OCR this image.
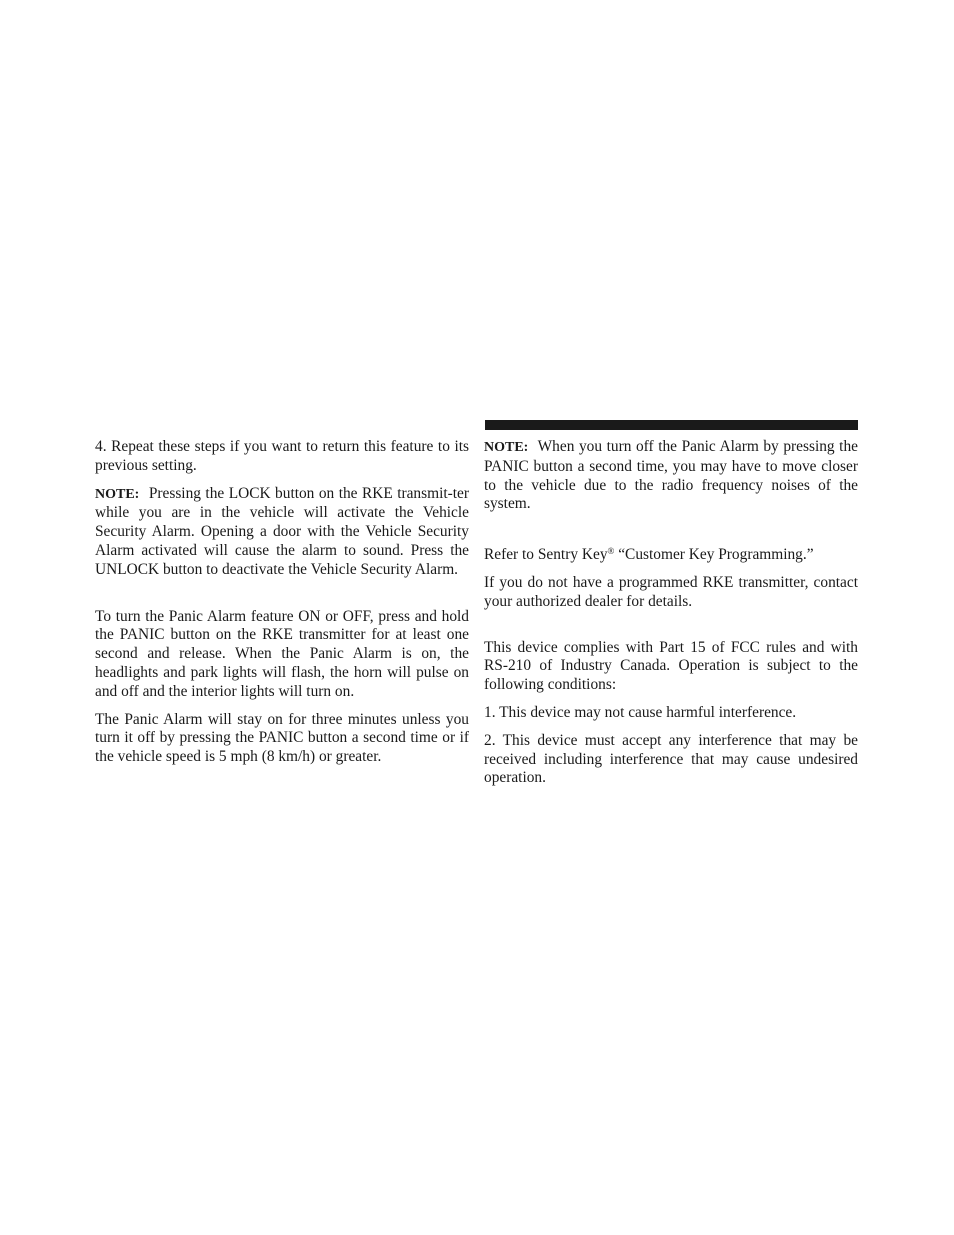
4. Repeat these steps if you want to return this feature to its previous setting.

NOTE: Pressing the LOCK button on the RKE transmit-ter while you are in the vehicle will activate the Vehicle Security Alarm. Opening a door with the Vehicle Security Alarm activated will cause the alarm to sound. Press the UNLOCK button to deactivate the Vehicle Security Alarm.

To turn the Panic Alarm feature ON or OFF, press and hold the PANIC button on the RKE transmitter for at least one second and release. When the Panic Alarm is on, the headlights and park lights will flash, the horn will pulse on and off and the interior lights will turn on.

The Panic Alarm will stay on for three minutes unless you turn it off by pressing the PANIC button a second time or if the vehicle speed is 5 mph (8 km/h) or greater.

NOTE: When you turn off the Panic Alarm by pressing the PANIC button a second time, you may have to move closer to the vehicle due to the radio frequency noises of the system.

Refer to Sentry Key® “Customer Key Programming.”

If you do not have a programmed RKE transmitter, contact your authorized dealer for details.

This device complies with Part 15 of FCC rules and with RS-210 of Industry Canada. Operation is subject to the following conditions:

1. This device may not cause harmful interference.

2. This device must accept any interference that may be received including interference that may cause undesired operation.
